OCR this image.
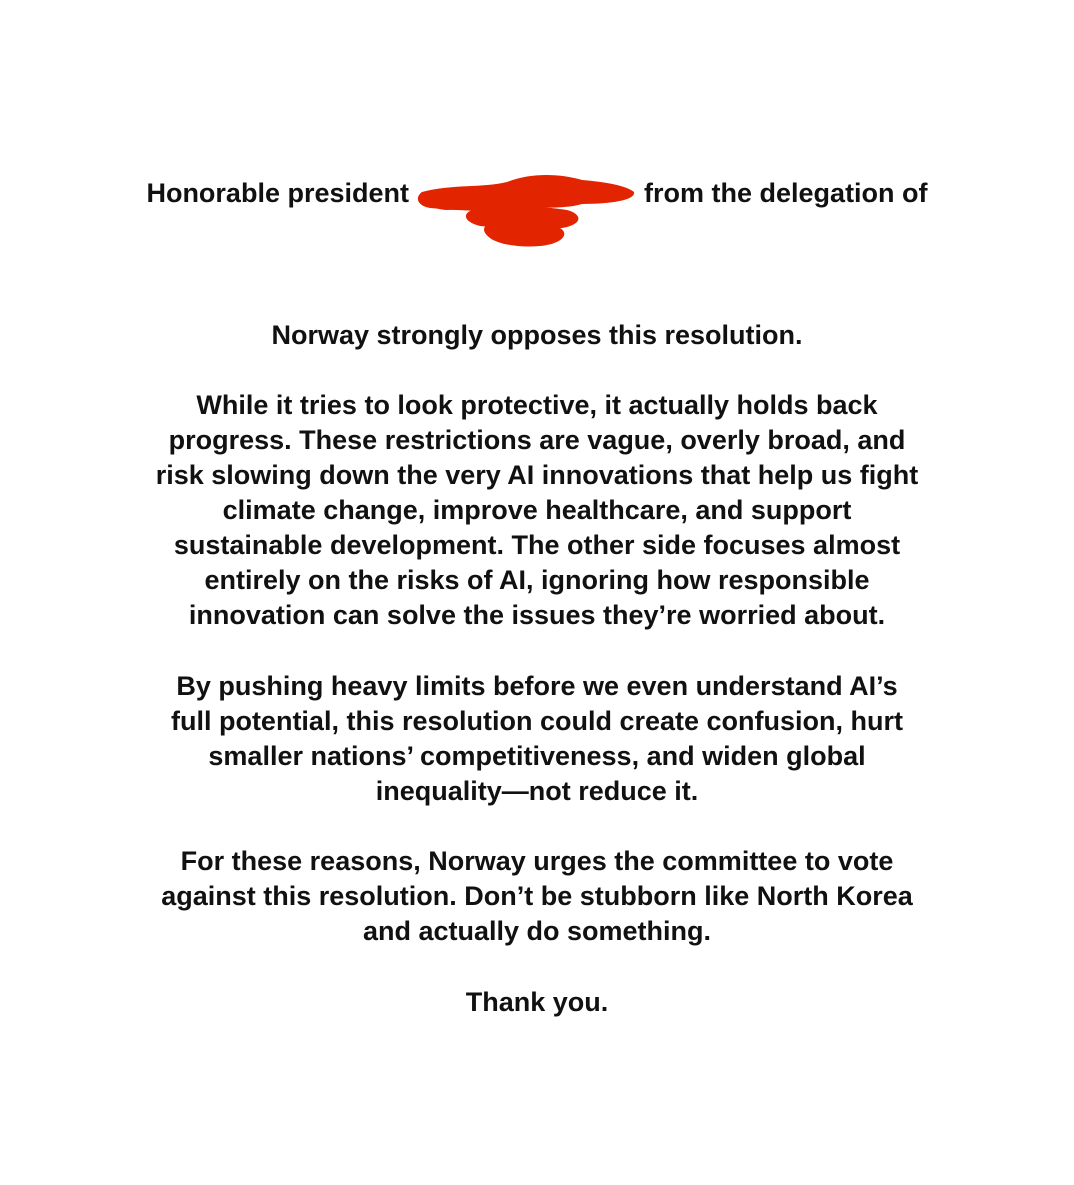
Honorable president	from the delegation of
Norway strongly opposes this resolution.
While it tries to look protective, it actually holds back
progress. These restrictions are vague, overly broad, and
risk slowing down the very AI innovations that help us fight
climate change, improve healthcare, and support
sustainable development. The other side focuses almost
entirely on the risks of AI, ignoring how responsible
innovation can solve the issues they’re worried about.
By pushing heavy limits before we even understand AI’s
full potential, this resolution could create confusion, hurt
smaller nations’ competitiveness, and widen global
inequality—not reduce it.
For these reasons, Norway urges the committee to vote
against this resolution. Don’t be stubborn like North Korea
and actually do something.
Thank you.
